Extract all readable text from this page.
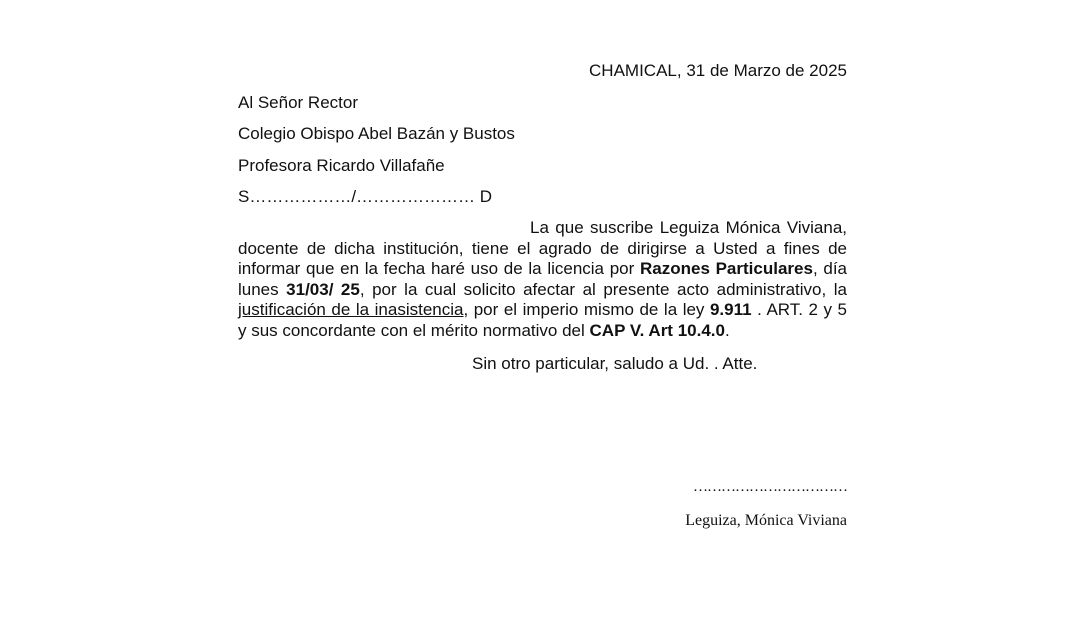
CHAMICAL, 31 de Marzo de 2025
Al Señor Rector
Colegio Obispo Abel Bazán y Bustos
Profesora Ricardo Villafañe
S………………/………………… D
La que suscribe Leguiza Mónica Viviana, docente de dicha institución, tiene el agrado de dirigirse a Usted a fines de informar que en la fecha haré uso de la licencia por Razones Particulares, día lunes 31/03/ 25, por la cual solicito afectar al presente acto administrativo, la justificación de la inasistencia, por el imperio mismo de la ley 9.911 . ART. 2 y 5 y sus concordante con el mérito normativo del CAP V. Art 10.4.0.
Sin otro particular, saludo a Ud. . Atte.
……………………………
Leguiza, Mónica Viviana
